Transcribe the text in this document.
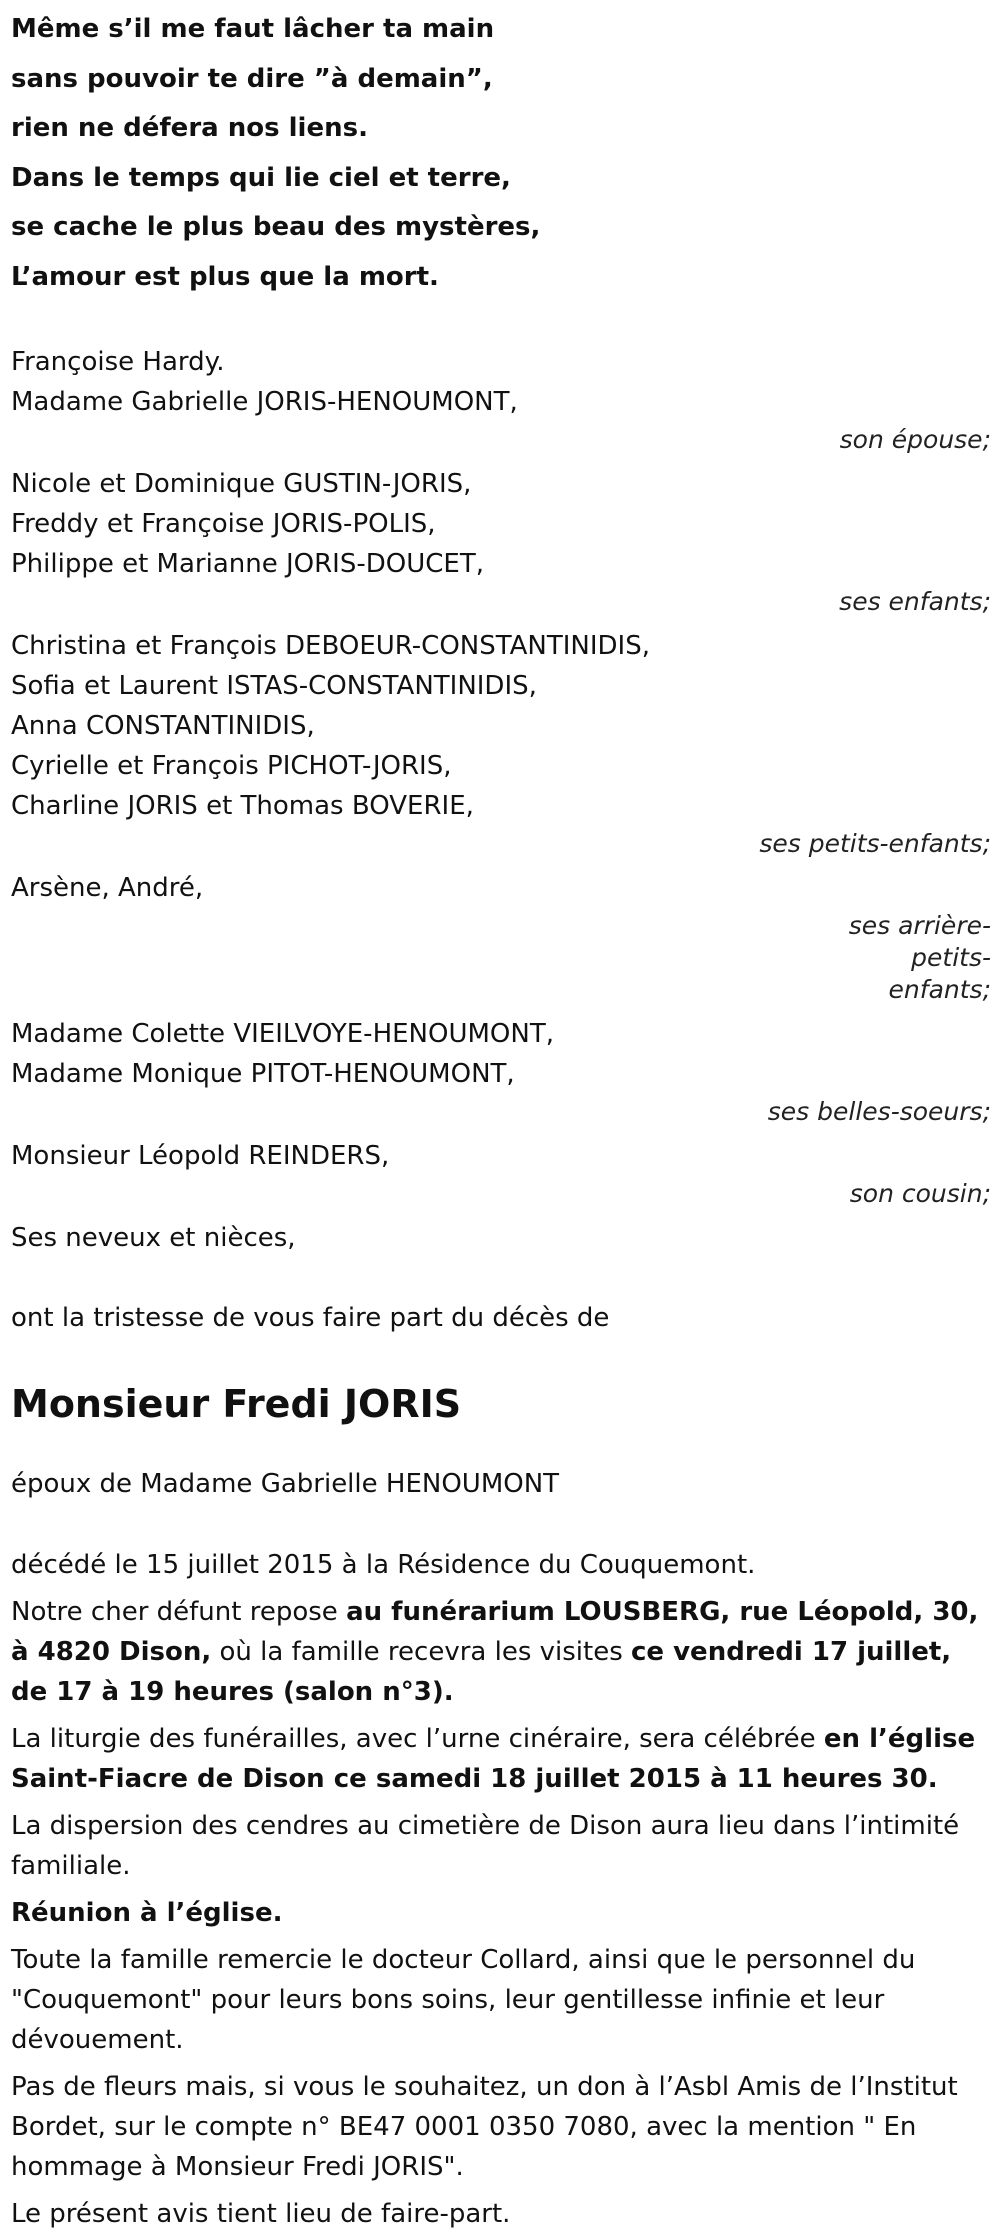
Même s’il me faut lâcher ta main
sans pouvoir te dire ”à demain”,
rien ne défera nos liens.
Dans le temps qui lie ciel et terre,
se cache le plus beau des mystères,
L’amour est plus que la mort.
Françoise Hardy.
Madame Gabrielle JORIS-HENOUMONT,
son épouse;
Nicole et Dominique GUSTIN-JORIS,
Freddy et Françoise JORIS-POLIS,
Philippe et Marianne JORIS-DOUCET,
ses enfants;
Christina et François DEBOEUR-CONSTANTINIDIS,
Sofia et Laurent ISTAS-CONSTANTINIDIS,
Anna CONSTANTINIDIS,
Cyrielle et François PICHOT-JORIS,
Charline JORIS et Thomas BOVERIE,
ses petits-enfants;
Arsène, André,
ses arrière-petits-
enfants;
Madame Colette VIEILVOYE-HENOUMONT,
Madame Monique PITOT-HENOUMONT,
ses belles-soeurs;
Monsieur Léopold REINDERS,
son cousin;
Ses neveux et nièces,
ont la tristesse de vous faire part du décès de
Monsieur Fredi JORIS
époux de Madame Gabrielle HENOUMONT
décédé le 15 juillet 2015 à la Résidence du Couquemont.
Notre cher défunt repose au funérarium LOUSBERG, rue Léopold, 30, à 4820 Dison, où la famille recevra les visites ce vendredi 17 juillet, de 17 à 19 heures (salon n°3).
La liturgie des funérailles, avec l’urne cinéraire, sera célébrée en l’église Saint-Fiacre de Dison ce samedi 18 juillet 2015 à 11 heures 30.
La dispersion des cendres au cimetière de Dison aura lieu dans l’intimité familiale.
Réunion à l’église.
Toute la famille remercie le docteur Collard, ainsi que le personnel du "Couquemont" pour leurs bons soins, leur gentillesse infinie et leur dévouement.
Pas de fleurs mais, si vous le souhaitez, un don à l’Asbl Amis de l’Institut Bordet, sur le compte n° BE47 0001 0350 7080, avec la mention " En hommage à Monsieur Fredi JORIS".
Le présent avis tient lieu de faire-part.
